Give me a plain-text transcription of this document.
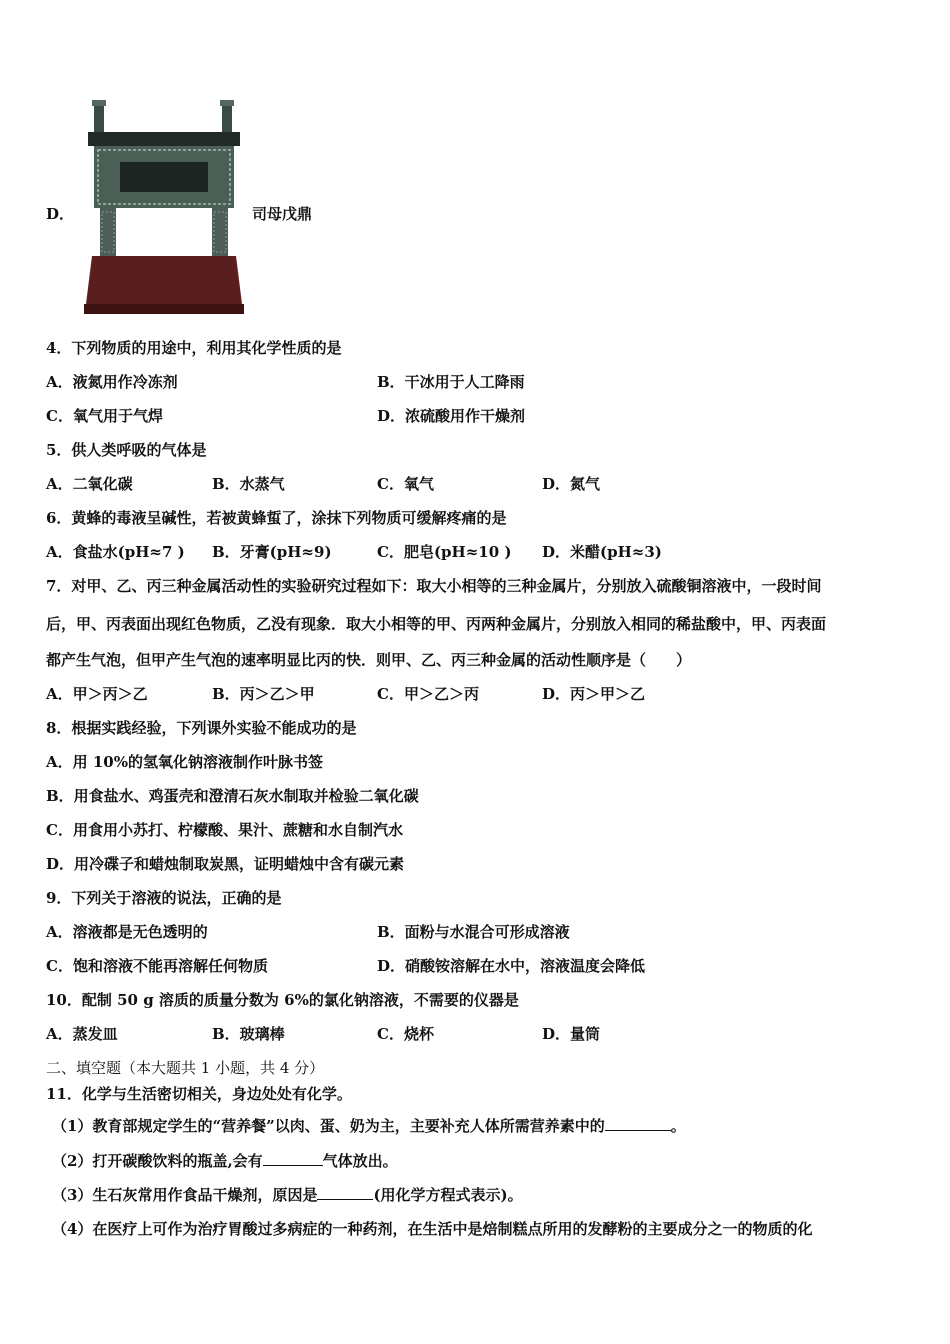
D．	司母戊鼎
4．下列物质的用途中，利用其化学性质的是
A．液氮用作冷冻剂	B．干冰用于人工降雨
C．氧气用于气焊	D．浓硫酸用作干燥剂
5．供人类呼吸的气体是
A．二氧化碳	B．水蒸气	C．氧气	D．氮气
6．黄蜂的毒液呈碱性，若被黄蜂蜇了，涂抹下列物质可缓解疼痛的是
A．食盐水(pH≈7 ) B．牙膏(pH≈9)	C．肥皂(pH≈10 ) D．米醋(pH≈3)
7．对甲、乙、丙三种金属活动性的实验研究过程如下：取大小相等的三种金属片，分别放入硫酸铜溶液中，一段时间
后，甲、丙表面出现红色物质，乙没有现象．取大小相等的甲、丙两种金属片，分别放入相同的稀盐酸中，甲、丙表面
都产生气泡，但甲产生气泡的速率明显比丙的快．则甲、乙、丙三种金属的活动性顺序是（　　）
A．甲＞丙＞乙	B．丙＞乙＞甲	C．甲＞乙＞丙	D．丙＞甲＞乙
8．根据实践经验，下列课外实验不能成功的是
A．用 10%的氢氧化钠溶液制作叶脉书签
B．用食盐水、鸡蛋壳和澄清石灰水制取并检验二氧化碳
C．用食用小苏打、柠檬酸、果汁、蔗糖和水自制汽水
D．用冷碟子和蜡烛制取炭黑，证明蜡烛中含有碳元素
9．下列关于溶液的说法，正确的是
A．溶液都是无色透明的	B．面粉与水混合可形成溶液
C．饱和溶液不能再溶解任何物质	D．硝酸铵溶解在水中，溶液温度会降低
10．配制 50 g 溶质的质量分数为 6%的氯化钠溶液，不需要的仪器是
A．蒸发皿	B．玻璃棒	C．烧杯	D．量筒
二、填空题（本大题共 1 小题，共 4 分）
11．化学与生活密切相关，身边处处有化学。
（1）教育部规定学生的“营养餐”以肉、蛋、奶为主，主要补充人体所需营养素中的	。
（2）打开碳酸饮料的瓶盖,会有	气体放出。
（3）生石灰常用作食品干燥剂，原因是	(用化学方程式表示)。
（4）在医疗上可作为治疗胃酸过多病症的一种药剂，在生活中是焙制糕点所用的发酵粉的主要成分之一的物质的化
